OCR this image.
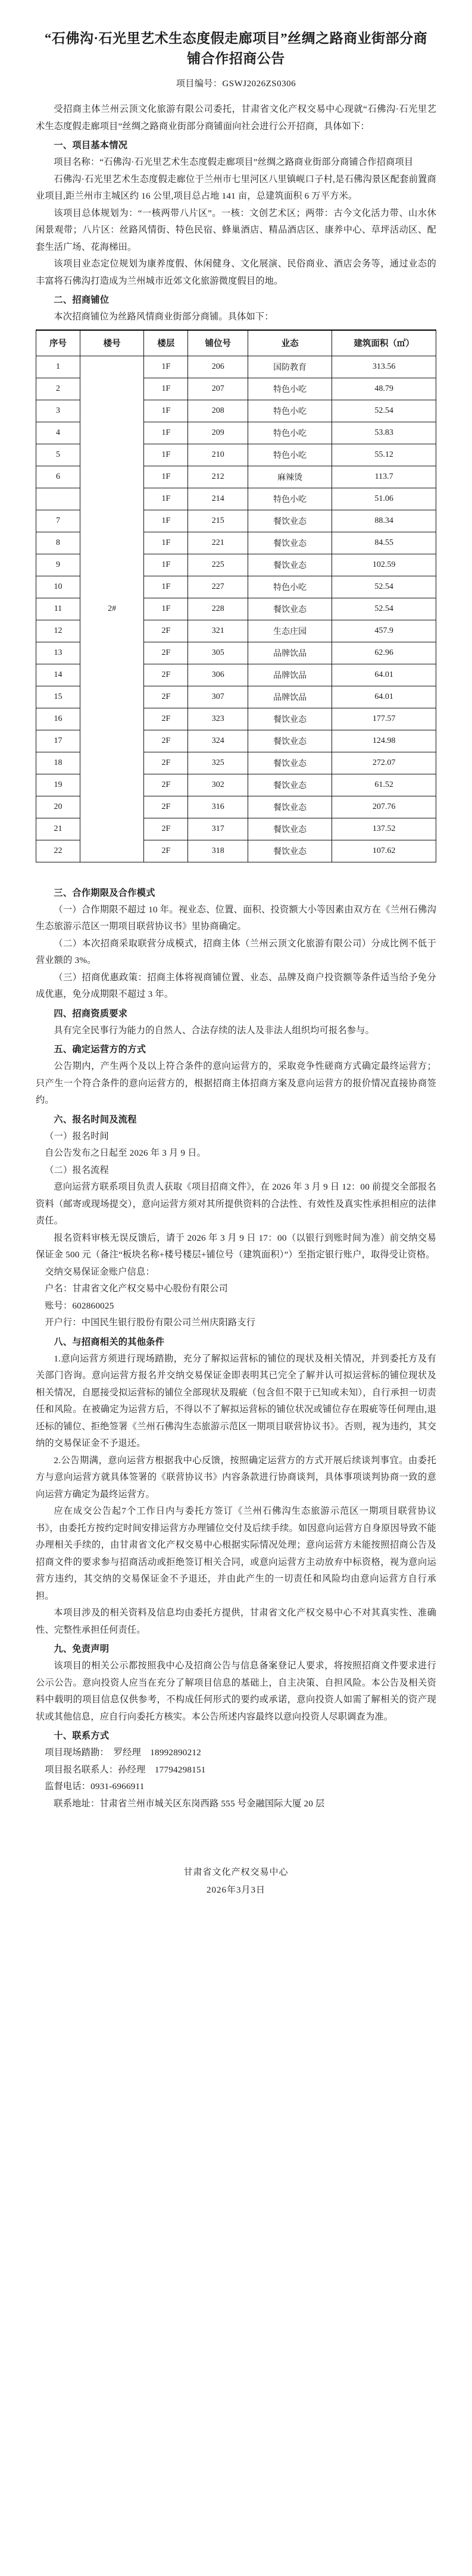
“石佛沟·石光里艺术生态度假走廊项目”丝绸之路商业街部分商铺合作招商公告
项目编号：GSWJ2026ZS0306

受招商主体兰州云顶文化旅游有限公司委托，甘肃省文化产权交易中心现就“石佛沟·石光里艺术生态度假走廊项目”丝绸之路商业街部分商铺面向社会进行公开招商，具体如下：

一、项目基本情况

项目名称：“石佛沟·石光里艺术生态度假走廊项目”丝绸之路商业街部分商铺合作招商项目

石佛沟·石光里艺术生态度假走廊位于兰州市七里河区八里镇岘口子村,是石佛沟景区配套前置商业项目,距兰州市主城区约 16 公里,项目总占地 141 亩，总建筑面积 6 万平方米。

该项目总体规划为：“一核两带八片区”。一核：文创艺术区；两带：古今文化活力带、山水休闲景观带；八片区：丝路风情街、特色民宿、蜂巢酒店、精品酒店区、康养中心、草坪活动区、配套生活广场、花海梯田。

该项目业态定位规划为康养度假、休闲健身、文化展演、民俗商业、酒店会务等，通过业态的丰富将石佛沟打造成为兰州城市近郊文化旅游微度假目的地。

二、招商铺位

本次招商铺位为丝路风情商业街部分商铺。具体如下：

序号	楼号	楼层	铺位号	业态	建筑面积（㎡）
1	2#	1F	206	国防教育	313.56
2		1F	207	特色小吃	48.79
3		1F	208	特色小吃	52.54
4		1F	209	特色小吃	53.83
5		1F	210	特色小吃	55.12
6		1F	212	麻辣烫	113.7
		1F	214	特色小吃	51.06
7		1F	215	餐饮业态	88.34
8		1F	221	餐饮业态	84.55
9		1F	225	餐饮业态	102.59
10		1F	227	特色小吃	52.54
11		1F	228	餐饮业态	52.54
12		2F	321	生态庄园	457.9
13		2F	305	品牌饮品	62.96
14		2F	306	品牌饮品	64.01
15		2F	307	品牌饮品	64.01
16		2F	323	餐饮业态	177.57
17		2F	324	餐饮业态	124.98
18		2F	325	餐饮业态	272.07
19		2F	302	餐饮业态	61.52
20		2F	316	餐饮业态	207.76
21		2F	317	餐饮业态	137.52
22		2F	318	餐饮业态	107.62
三、合作期限及合作模式

（一）合作期限不超过 10 年。视业态、位置、面积、投资额大小等因素由双方在《兰州石佛沟生态旅游示范区一期项目联营协议书》里协商确定。

（二）本次招商采取联营分成模式，招商主体（兰州云顶文化旅游有限公司）分成比例不低于营业额的 3%。

（三）招商优惠政策：招商主体将视商铺位置、业态、品牌及商户投资额等条件适当给予免分成优惠，免分成期限不超过 3 年。

四、招商资质要求

具有完全民事行为能力的自然人、合法存续的法人及非法人组织均可报名参与。

五、确定运营方的方式

公告期内，产生两个及以上符合条件的意向运营方的，采取竞争性磋商方式确定最终运营方；只产生一个符合条件的意向运营方的，根据招商主体招商方案及意向运营方的报价情况直接协商签约。

六、报名时间及流程

（一）报名时间

自公告发布之日起至 2026 年 3 月 9 日。

（二）报名流程

意向运营方联系项目负责人获取《项目招商文件》，在 2026 年 3 月 9 日 12：00 前提交全部报名资料（邮寄或现场提交），意向运营方须对其所提供资料的合法性、有效性及真实性承担相应的法律责任。

报名资料审核无误反馈后，请于 2026 年 3 月 9 日 17：00（以银行到账时间为准）前交纳交易保证金 500 元（备注“板块名称+楼号楼层+铺位号（建筑面积）”）至指定银行账户，取得受让资格。

交纳交易保证金账户信息：

户名：甘肃省文化产权交易中心股份有限公司

账号：602860025

开户行：中国民生银行股份有限公司兰州庆阳路支行

八、与招商相关的其他条件

1.意向运营方须进行现场踏勘，充分了解拟运营标的铺位的现状及相关情况，并到委托方及有关部门咨询。意向运营方报名并交纳交易保证金即表明其已完全了解并认可拟运营标的铺位现状及相关情况，自愿接受拟运营标的铺位全部现状及瑕疵（包含但不限于已知或未知），自行承担一切责任和风险。在被确定为运营方后，不得以不了解拟运营标的铺位状况或铺位存在瑕疵等任何理由,退还标的铺位、拒绝签署《兰州石佛沟生态旅游示范区一期项目联营协议书》。否则，视为违约，其交纳的交易保证金不予退还。

2.公告期满，意向运营方根据我中心反馈，按照确定运营方的方式开展后续谈判事宜。由委托方与意向运营方就具体签署的《联营协议书》内容条款进行协商谈判，具体事项谈判协商一致的意向运营方确定为最终运营方。

应在成交公告起7个工作日内与委托方签订《兰州石佛沟生态旅游示范区一期项目联营协议书》，由委托方按约定时间安排运营方办理铺位交付及后续手续。如因意向运营方自身原因导致不能办理相关手续的，由甘肃省文化产权交易中心根据实际情况处理；意向运营方未能按照招商公告及招商文件的要求参与招商活动或拒绝签订相关合同，或意向运营方主动放弃中标资格，视为意向运营方违约，其交纳的交易保证金不予退还，并由此产生的一切责任和风险均由意向运营方自行承担。

本项目涉及的相关资料及信息均由委托方提供，甘肃省文化产权交易中心不对其真实性、准确性、完整性承担任何责任。

九、免责声明

该项目的相关公示都按照我中心及招商公告与信息备案登记人要求，将按照招商文件要求进行公示公告。意向投资人应当在充分了解项目信息的基础上，自主决策、自担风险。本公告及相关资料中载明的项目信息仅供参考，不构成任何形式的要约或承诺，意向投资人如需了解相关的资产现状或其他信息，应自行向委托方核实。本公告所述内容最终以意向投资人尽职调查为准。

十、联系方式

项目现场踏勘：　罗经理　18992890212

项目报名联系人：孙经理　17794298151

监督电话：0931-6966911

联系地址：甘肃省兰州市城关区东岗西路 555 号金融国际大厦 20 层

甘肃省文化产权交易中心
2026年3月3日
